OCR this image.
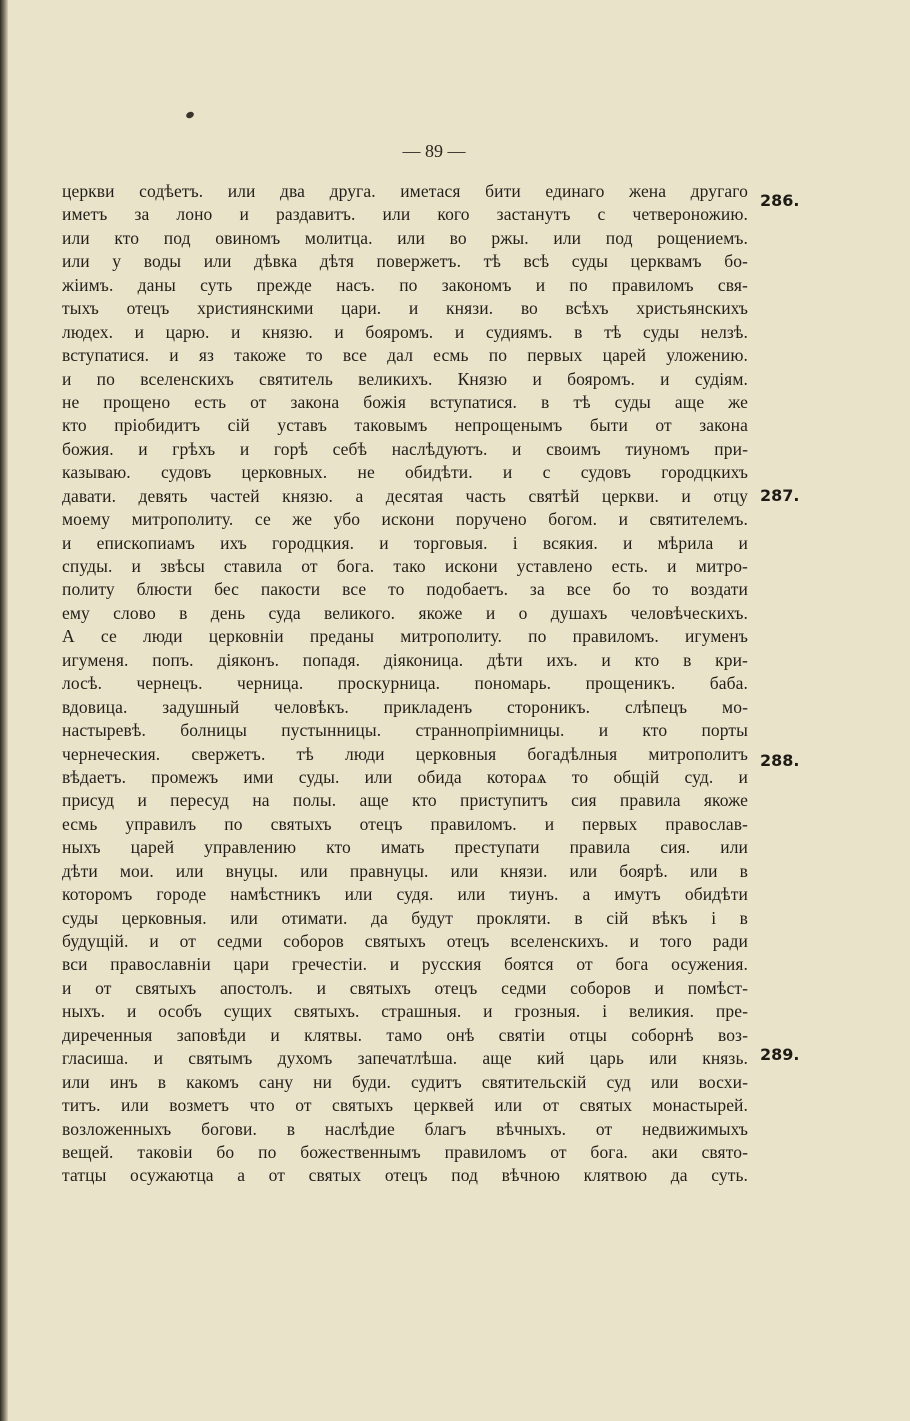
— 89 —
церкви содѣетъ. или два друга. иметася бити единаго жена другаго
иметъ за лоно и раздавитъ. или кого застанутъ с четвероножию.
или кто под овиномъ молитца. или во ржы. или под рощениемъ.
или у воды или дѣвка дѣтя повержетъ. тѣ всѣ суды церквамъ бо-
жіимъ. даны суть прежде насъ. по закономъ и по правиломъ свя-
тыхъ отецъ християнскими цари. и князи. во всѣхъ христьянскихъ
людех. и царю. и князю. и бояромъ. и судиямъ. в тѣ суды нелзѣ.
вступатися. и яз такожe то все дал есмь по первых царей уложению.
и по вселенскихъ святитель великихъ. Князю и бояромъ. и судіям.
не прощено есть от закона божія вступатися. в тѣ суды аще же
кто пріобидитъ сій уставъ таковымъ непрощенымъ быти от закона
божия. и грѣхъ и горѣ себѣ наслѣдуютъ. и своимъ тиуномъ при-
казываю. судовъ церковных. не обидѣти. и с судовъ городцкихъ
давати. девять частей князю. а десятая часть святѣй церкви. и отцу
моему митрополиту. се же убо искони поручено богом. и святителемъ.
и епископиамъ ихъ городцкия. и торговыя. і всякия. и мѣрила и
спуды. и звѣсы ставила от бога. тако искони уставлено есть. и митро-
политу блюсти бес пакости все то подобаетъ. за все бо то воздати
ему слово в день суда великого. якоже и о душахъ человѣческихъ.
А се люди церковніи преданы митрополиту. по правиломъ. игуменъ
игуменя. попъ. діяконъ. попадя. діяконица. дѣти ихъ. и кто в кри-
лосѣ. чернецъ. черница. проскурница. пономарь. прощеникъ. баба.
вдовица. задушный человѣкъ. прикладенъ стороникъ. слѣпецъ мо-
настыревѣ. болницы пустынницы. страннопріимницы. и кто порты
чернеческия. свержетъ. тѣ люди церковныя богадѣлныя митрополитъ
вѣдаетъ. промежъ ими суды. или обида котораѧ то общій суд. и
присуд и пересуд на полы. аще кто приступитъ сия правила якоже
есмь управилъ по святыхъ отецъ правиломъ. и первых православ-
ныхъ царей управлению кто имать преступати правила сия. или
дѣти мои. или внуцы. или правнуцы. или князи. или боярѣ. или в
которомъ городе намѣстникъ или судя. или тиунъ. а имутъ обидѣти
суды церковныя. или отимати. да будут прокляти. в сій вѣкъ і в
будущій. и от седми соборов святыхъ отецъ вселенскихъ. и того ради
вси православніи цари гречестіи. и русския боятся от бога осужения.
и от святыхъ апостолъ. и святыхъ отецъ седми соборов и помѣст-
ныхъ. и особъ сущих святыхъ. страшныя. и грозныя. і великия. пре-
диреченныя заповѣди и клятвы. тамо онѣ святіи отцы соборнѣ воз-
гласиша. и святымъ духомъ запечатлѣша. аще кий царь или князь.
или инъ в какомъ сану ни буди. судитъ святительскій суд или восхи-
титъ. или возметъ что от святыхъ церквей или от святых монастырей.
возложенныхъ богови. в наслѣдие благъ вѣчныхъ. от недвижимыхъ
вещей. таковіи бо по божественнымъ правиломъ от бога. аки свято-
татцы осужаютца а от святых отецъ под вѣчною клятвою да суть.
286.
287.
288.
289.
